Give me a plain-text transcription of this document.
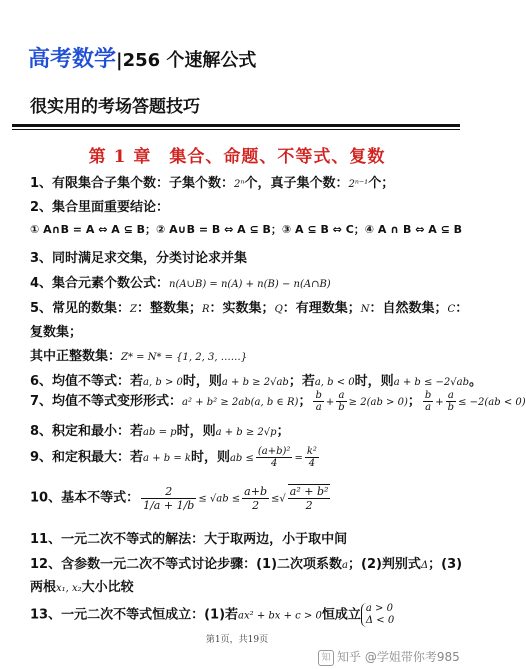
高考数学|256 个速解公式
很实用的考场答题技巧
第 1 章　集合、命题、不等式、复数
1、有限集合子集个数：子集个数：2ⁿ个，真子集个数：2ⁿ⁻¹个；
2、集合里面重要结论：
① A∩B = A ⇔ A ⊆ B；② A∪B = B ⇔ A ⊆ B；③ A ⊆ B ⇔ C；④ A ∩ B ⇔ A ⊆ B
3、同时满足求交集，分类讨论求并集
4、集合元素个数公式：n(A∪B) = n(A) + n(B) − n(A∩B)
5、常见的数集：Z：整数集；R：实数集；Q：有理数集；N：自然数集；C：
复数集；
其中正整数集：Z* = N* = {1, 2, 3, ……}
6、均值不等式：若a, b > 0时，则a + b ≥ 2√ab；若a, b < 0时，则a + b ≤ −2√ab。
7、均值不等式变形形式：a² + b² ≥ 2ab(a, b ∈ R)； $\frac{b}{a} + \frac{a}{b} \ge 2(ab > 0)$； $\frac{b}{a} + \frac{a}{b} \le -2(ab < 0)$
8、积定和最小：若ab = p时，则a + b ≥ 2√p；
9、和定积最大：若a + b = k时，则ab ≤ $\frac{\text{(a+b)²}}{4} = \frac{\text{k²}}{4}$
10、基本不等式： $\frac{2}{1/a + 1/b} \le √ab \le \frac{a+b}{2}$ ≤√ $\frac{\text{a² + b²}}{2}$
11、一元二次不等式的解法：大于取两边，小于取中间
12、含参数一元二次不等式讨论步骤：(1)二次项系数a；(2)判别式Δ；(3)
两根x₁, x₂大小比较
13、一元二次不等式恒成立：(1)若ax² + bx + c > 0恒成立 a > 0
Δ < 0
第1页，共19页
知 知乎 @学姐带你考985
